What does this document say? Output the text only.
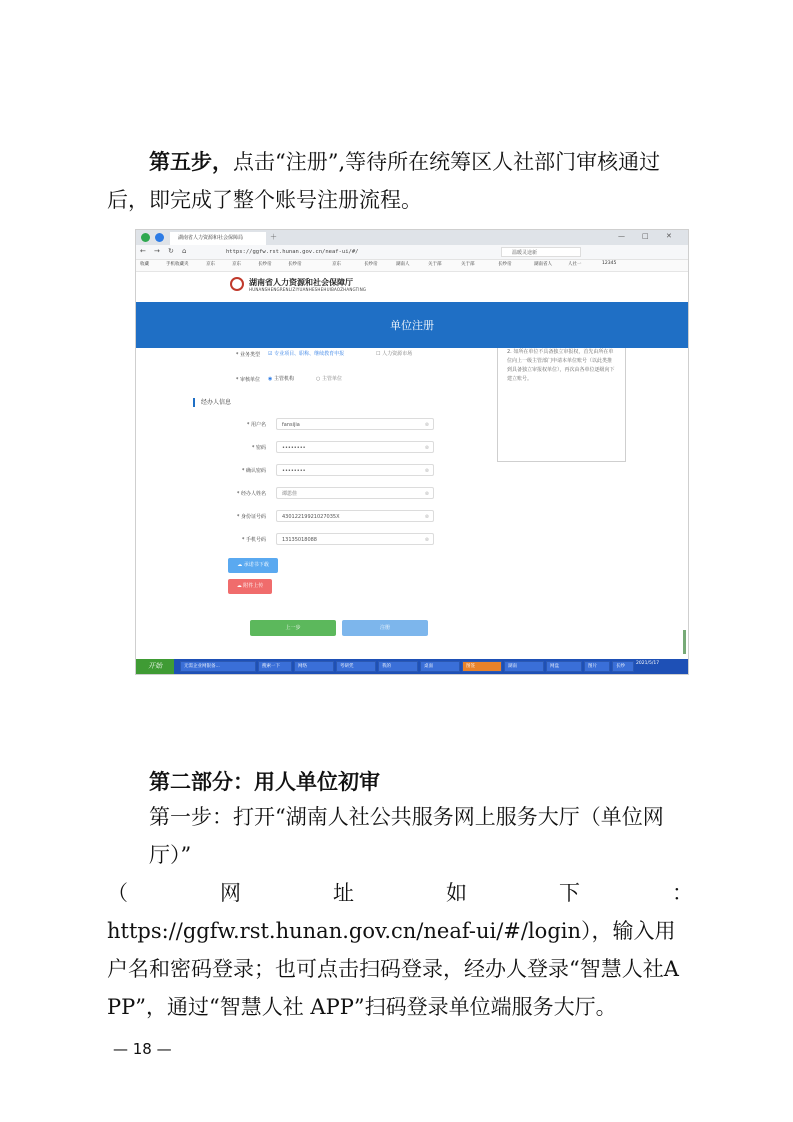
第五步，点击“注册”,等待所在统筹区人社部门审核通过后，即完成了整个账号注册流程。
湖南省人力资源和社会保障局	＋	— □ ✕
← → ↻ ⌂	https://ggfw.rst.hunan.gov.cn/neaf-ui/#/	温暖灵途新
收藏	手机收藏夹	京东	京东	长纱帝	长纱帝	京东	长纱帝	湖南人	关于部	关于部	长纱帝	湖南省人	人社一	12345
湖南省人力资源和社会保障厅
HUNANSHENGRENLIZIYUANHESHEHUIBAOZHANGTING
单位注册
* 业务类型 ☑ 专业项目、职称、继续教育申报	☐ 人力资源市场
* 审核单位 ◉ 主管机构	○ 主管单位
2. 如所在单位不具备独立审报权，首先由所在单位向上一级主管部门申请本单位账号（以此类推到具备独立审报权单位），再次由各单位逐级向下建立账号。
经办人信息
* 用户名	fansijia	⊗
* 密码	••••••••	⊗
* 确认密码	••••••••	⊗
* 经办人姓名	谭思佳	⊗
* 身份证号码	43012219921027035X	⊗
* 手机号码	13135018088	⊗
☁ 承诺书下载
☁ 附件上传
上一步	注册
开始	无需企业网银备...	搜索一下	网络	考研凭	我的	桌面	图签	湖南	网盘	图片	长纱
2021/5/17
第二部分：用人单位初审
第一步：打开“湖南人社公共服务网上服务大厅（单位网厅）”
（	网	址	如	下	：
https://ggfw.rst.hunan.gov.cn/neaf-ui/#/login），输入用户名和密码登录；也可点击扫码登录，经办人登录“智慧人社APP”，通过“智慧人社 APP”扫码登录单位端服务大厅。
— 18 —
